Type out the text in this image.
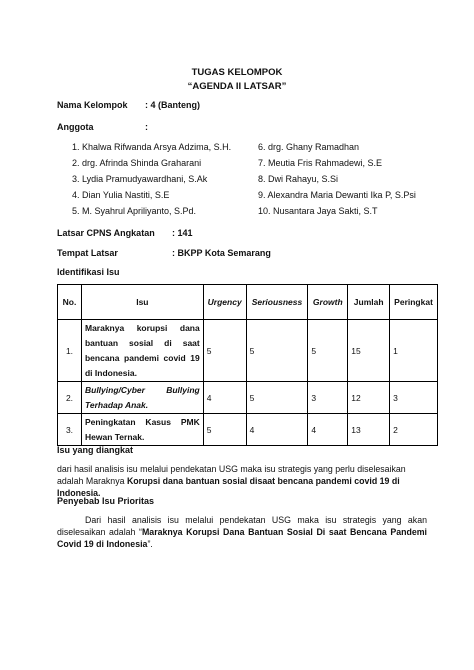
TUGAS KELOMPOK
“AGENDA II LATSAR”
Nama Kelompok : 4 (Banteng)
Anggota	:
1. Khalwa Rifwanda Arsya Adzima, S.H.
2. drg. Afrinda Shinda Graharani
3. Lydia Pramudyawardhani, S.Ak
4. Dian Yulia Nastiti, S.E
5. M. Syahrul Apriliyanto, S.Pd.
6. drg. Ghany Ramadhan
7. Meutia Fris Rahmadewi, S.E
8. Dwi Rahayu, S.Si
9. Alexandra Maria Dewanti Ika P, S.Psi
10. Nusantara Jaya Sakti, S.T
Latsar CPNS Angkatan : 141
Tempat Latsar	: BKPP Kota Semarang
Identifikasi Isu
No.	Isu	Urgency	Seriousness	Growth	Jumlah	Peringkat
1.	Maraknya korupsi dana bantuan sosial di saat bencana pandemi covid 19 di Indonesia.	5	5	5	15	1
2.	Bullying/Cyber Bullying Terhadap Anak.	4	5	3	12	3
3.	Peningkatan Kasus PMK Hewan Ternak.	5	4	4	13	2
Isu yang diangkat
dari hasil analisis isu melalui pendekatan USG maka isu strategis yang perlu diselesaikan adalah Maraknya Korupsi dana bantuan sosial disaat bencana pandemi covid 19 di Indonesia.
Penyebab Isu Prioritas
Dari hasil analisis isu melalui pendekatan USG maka isu strategis yang akan diselesaikan adalah “Maraknya Korupsi Dana Bantuan Sosial Di saat Bencana Pandemi Covid 19 di Indonesia”.
